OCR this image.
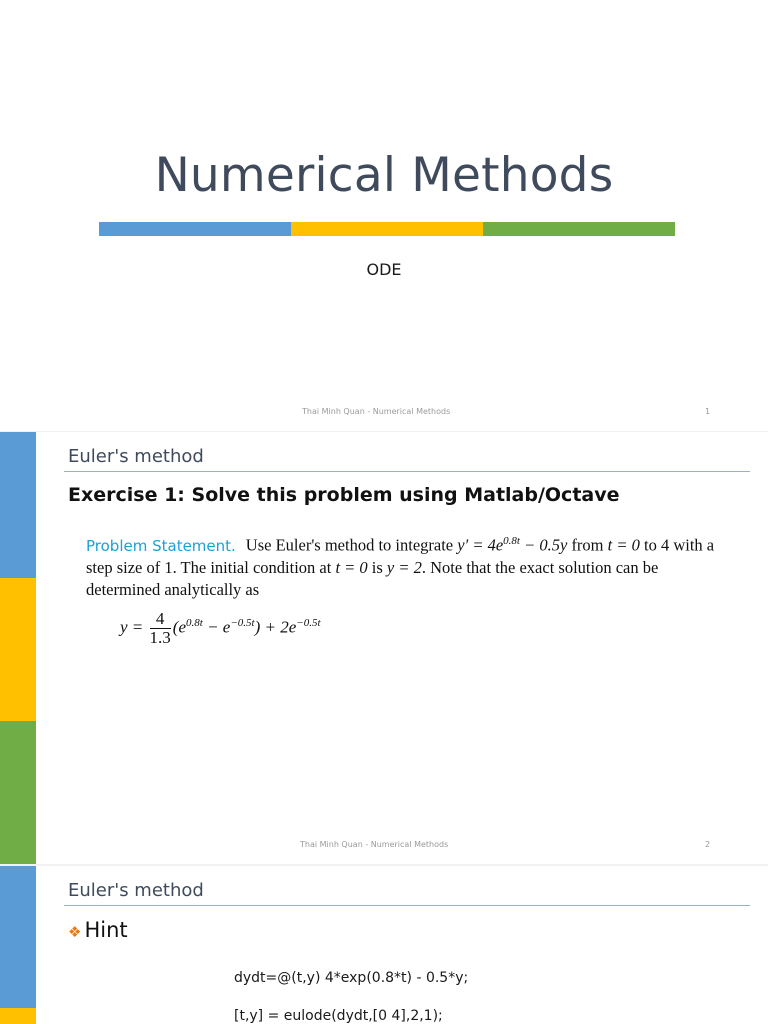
Numerical Methods
ODE
Thai Minh Quan - Numerical Methods	1
Euler's method
Exercise 1: Solve this problem using Matlab/Octave
Problem Statement. Use Euler's method to integrate $y' = 4e^{0.8t} - 0.5y$ from t = 0 to 4 with a step size of 1. The initial condition at t = 0 is y = 2. Note that the exact solution can be determined analytically as
$y = \frac{4}{1.3} (e^{0.8t} - e^{-0.5t}) + 2e^{-0.5t}$
Thai Minh Quan - Numerical Methods	2
Euler's method
❖ Hint
dydt=@(t,y) 4*exp(0.8*t) - 0.5*y;
[t,y] = eulode(dydt,[0 4],2,1);
